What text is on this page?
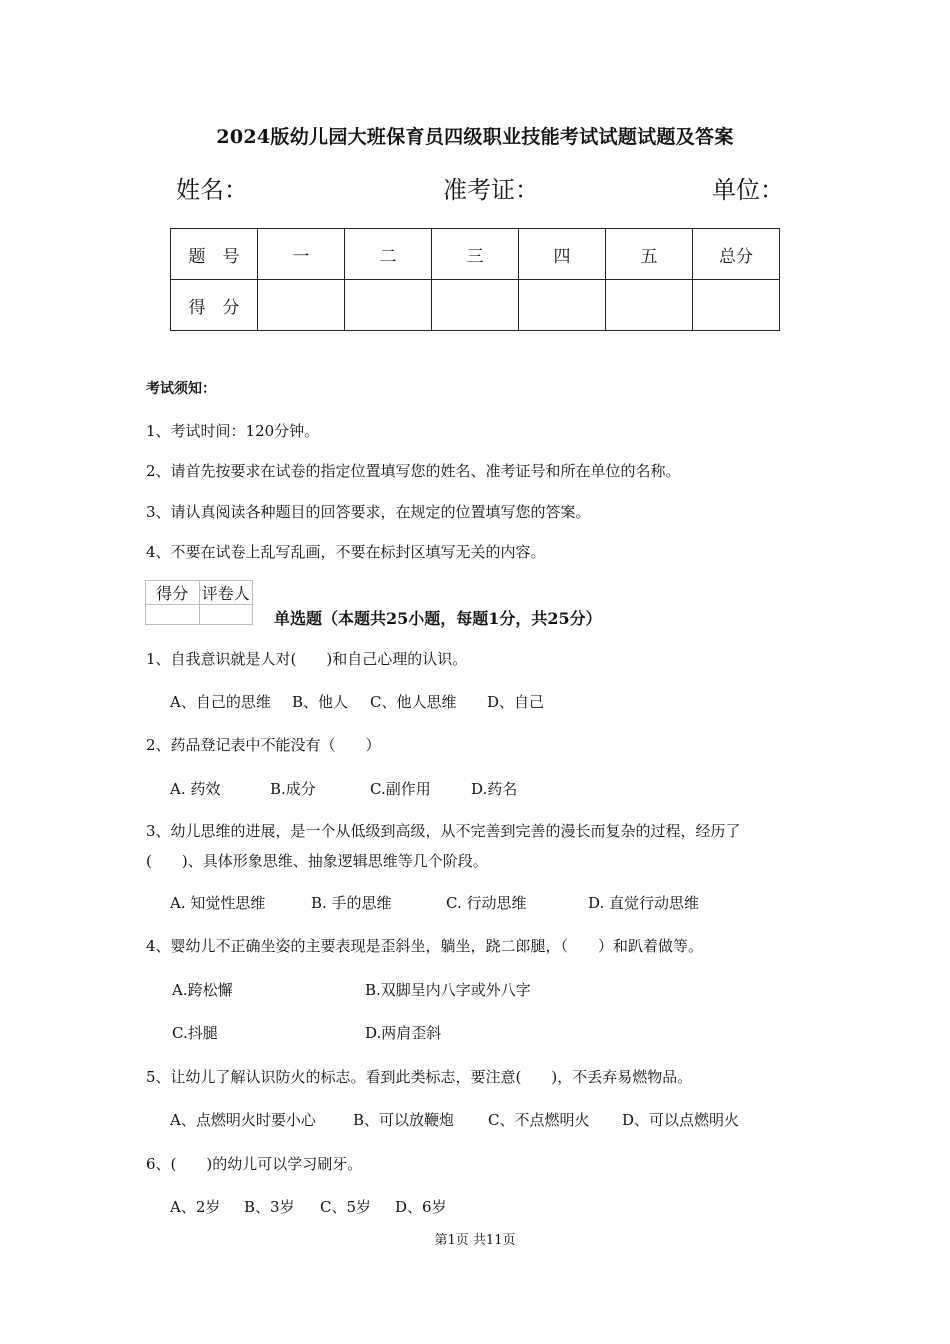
2024版幼儿园大班保育员四级职业技能考试试题试题及答案
姓名：	准考证：	单位：
题　号	一	二	三	四	五	总分
得　分						
考试须知：
1、考试时间：120分钟。
2、请首先按要求在试卷的指定位置填写您的姓名、准考证号和所在单位的名称。
3、请认真阅读各种题目的回答要求，在规定的位置填写您的答案。
4、不要在试卷上乱写乱画，不要在标封区填写无关的内容。
得分	评卷人

单选题（本题共25小题，每题1分，共25分）
1、自我意识就是人对(　　)和自己心理的认识。
A、自己的思维 B、他人 C、他人思维 D、自己
2、药品登记表中不能没有（　　）
A. 药效	B.成分	C.副作用	D.药名
3、幼儿思维的进展，是一个从低级到高级，从不完善到完善的漫长而复杂的过程，经历了
(　　)、具体形象思维、抽象逻辑思维等几个阶段。
A. 知觉性思维	B. 手的思维	C. 行动思维	D. 直觉行动思维
4、婴幼儿不正确坐姿的主要表现是歪斜坐，躺坐，跷二郎腿，（　　）和趴着做等。
A.跨松懈	B.双脚呈内八字或外八字
C.抖腿	D.两肩歪斜
5、让幼儿了解认识防火的标志。看到此类标志，要注意(　　)，不丢弃易燃物品。
A、点燃明火时要小心 B、可以放鞭炮 C、不点燃明火 D、可以点燃明火
6、(　　)的幼儿可以学习刷牙。
A、2岁 B、3岁 C、5岁 D、6岁
第1页 共11页
